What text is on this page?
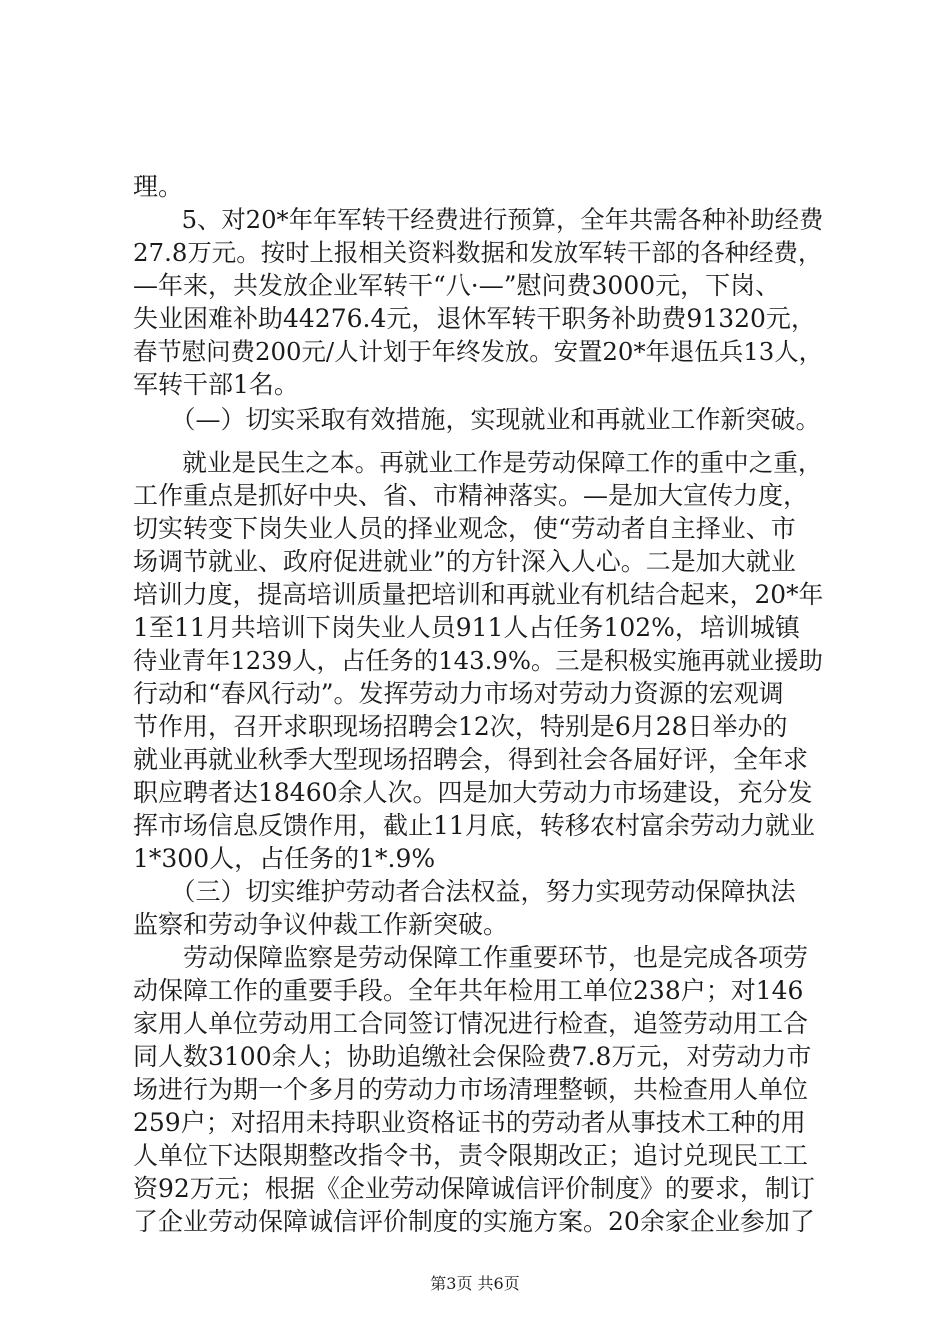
理。
　　5、对20*年年军转干经费进行预算，全年共需各种补助经费
27.8万元。按时上报相关资料数据和发放军转干部的各种经费，
—年来，共发放企业军转干“八·—”慰问费3000元，下岗、
失业困难补助44276.4元，退休军转干职务补助费91320元，
春节慰问费200元/人计划于年终发放。安置20*年退伍兵13人，
军转干部1名。
　　（—）切实采取有效措施，实现就业和再就业工作新突破。
　　就业是民生之本。再就业工作是劳动保障工作的重中之重，
工作重点是抓好中央、省、市精神落实。—是加大宣传力度，
切实转变下岗失业人员的择业观念，使“劳动者自主择业、市
场调节就业、政府促进就业”的方针深入人心。二是加大就业
培训力度，提高培训质量把培训和再就业有机结合起来，20*年
1至11月共培训下岗失业人员911人占任务102%，培训城镇
待业青年1239人，占任务的143.9%。三是积极实施再就业援助
行动和“春风行动”。发挥劳动力市场对劳动力资源的宏观调
节作用，召开求职现场招聘会12次，特别是6月28日举办的
就业再就业秋季大型现场招聘会，得到社会各届好评，全年求
职应聘者达18460余人次。四是加大劳动力市场建设，充分发
挥市场信息反馈作用，截止11月底，转移农村富余劳动力就业
1*300人，占任务的1*.9%
　　（三）切实维护劳动者合法权益，努力实现劳动保障执法
监察和劳动争议仲裁工作新突破。
　　劳动保障监察是劳动保障工作重要环节，也是完成各项劳
动保障工作的重要手段。全年共年检用工单位238户；对146
家用人单位劳动用工合同签订情况进行检查，追签劳动用工合
同人数3100余人；协助追缴社会保险费7.8万元，对劳动力市
场进行为期一个多月的劳动力市场清理整顿，共检查用人单位
259户；对招用未持职业资格证书的劳动者从事技术工种的用
人单位下达限期整改指令书，责令限期改正；追讨兑现民工工
资92万元；根据《企业劳动保障诚信评价制度》的要求，制订
了企业劳动保障诚信评价制度的实施方案。20余家企业参加了
第3页 共6页
